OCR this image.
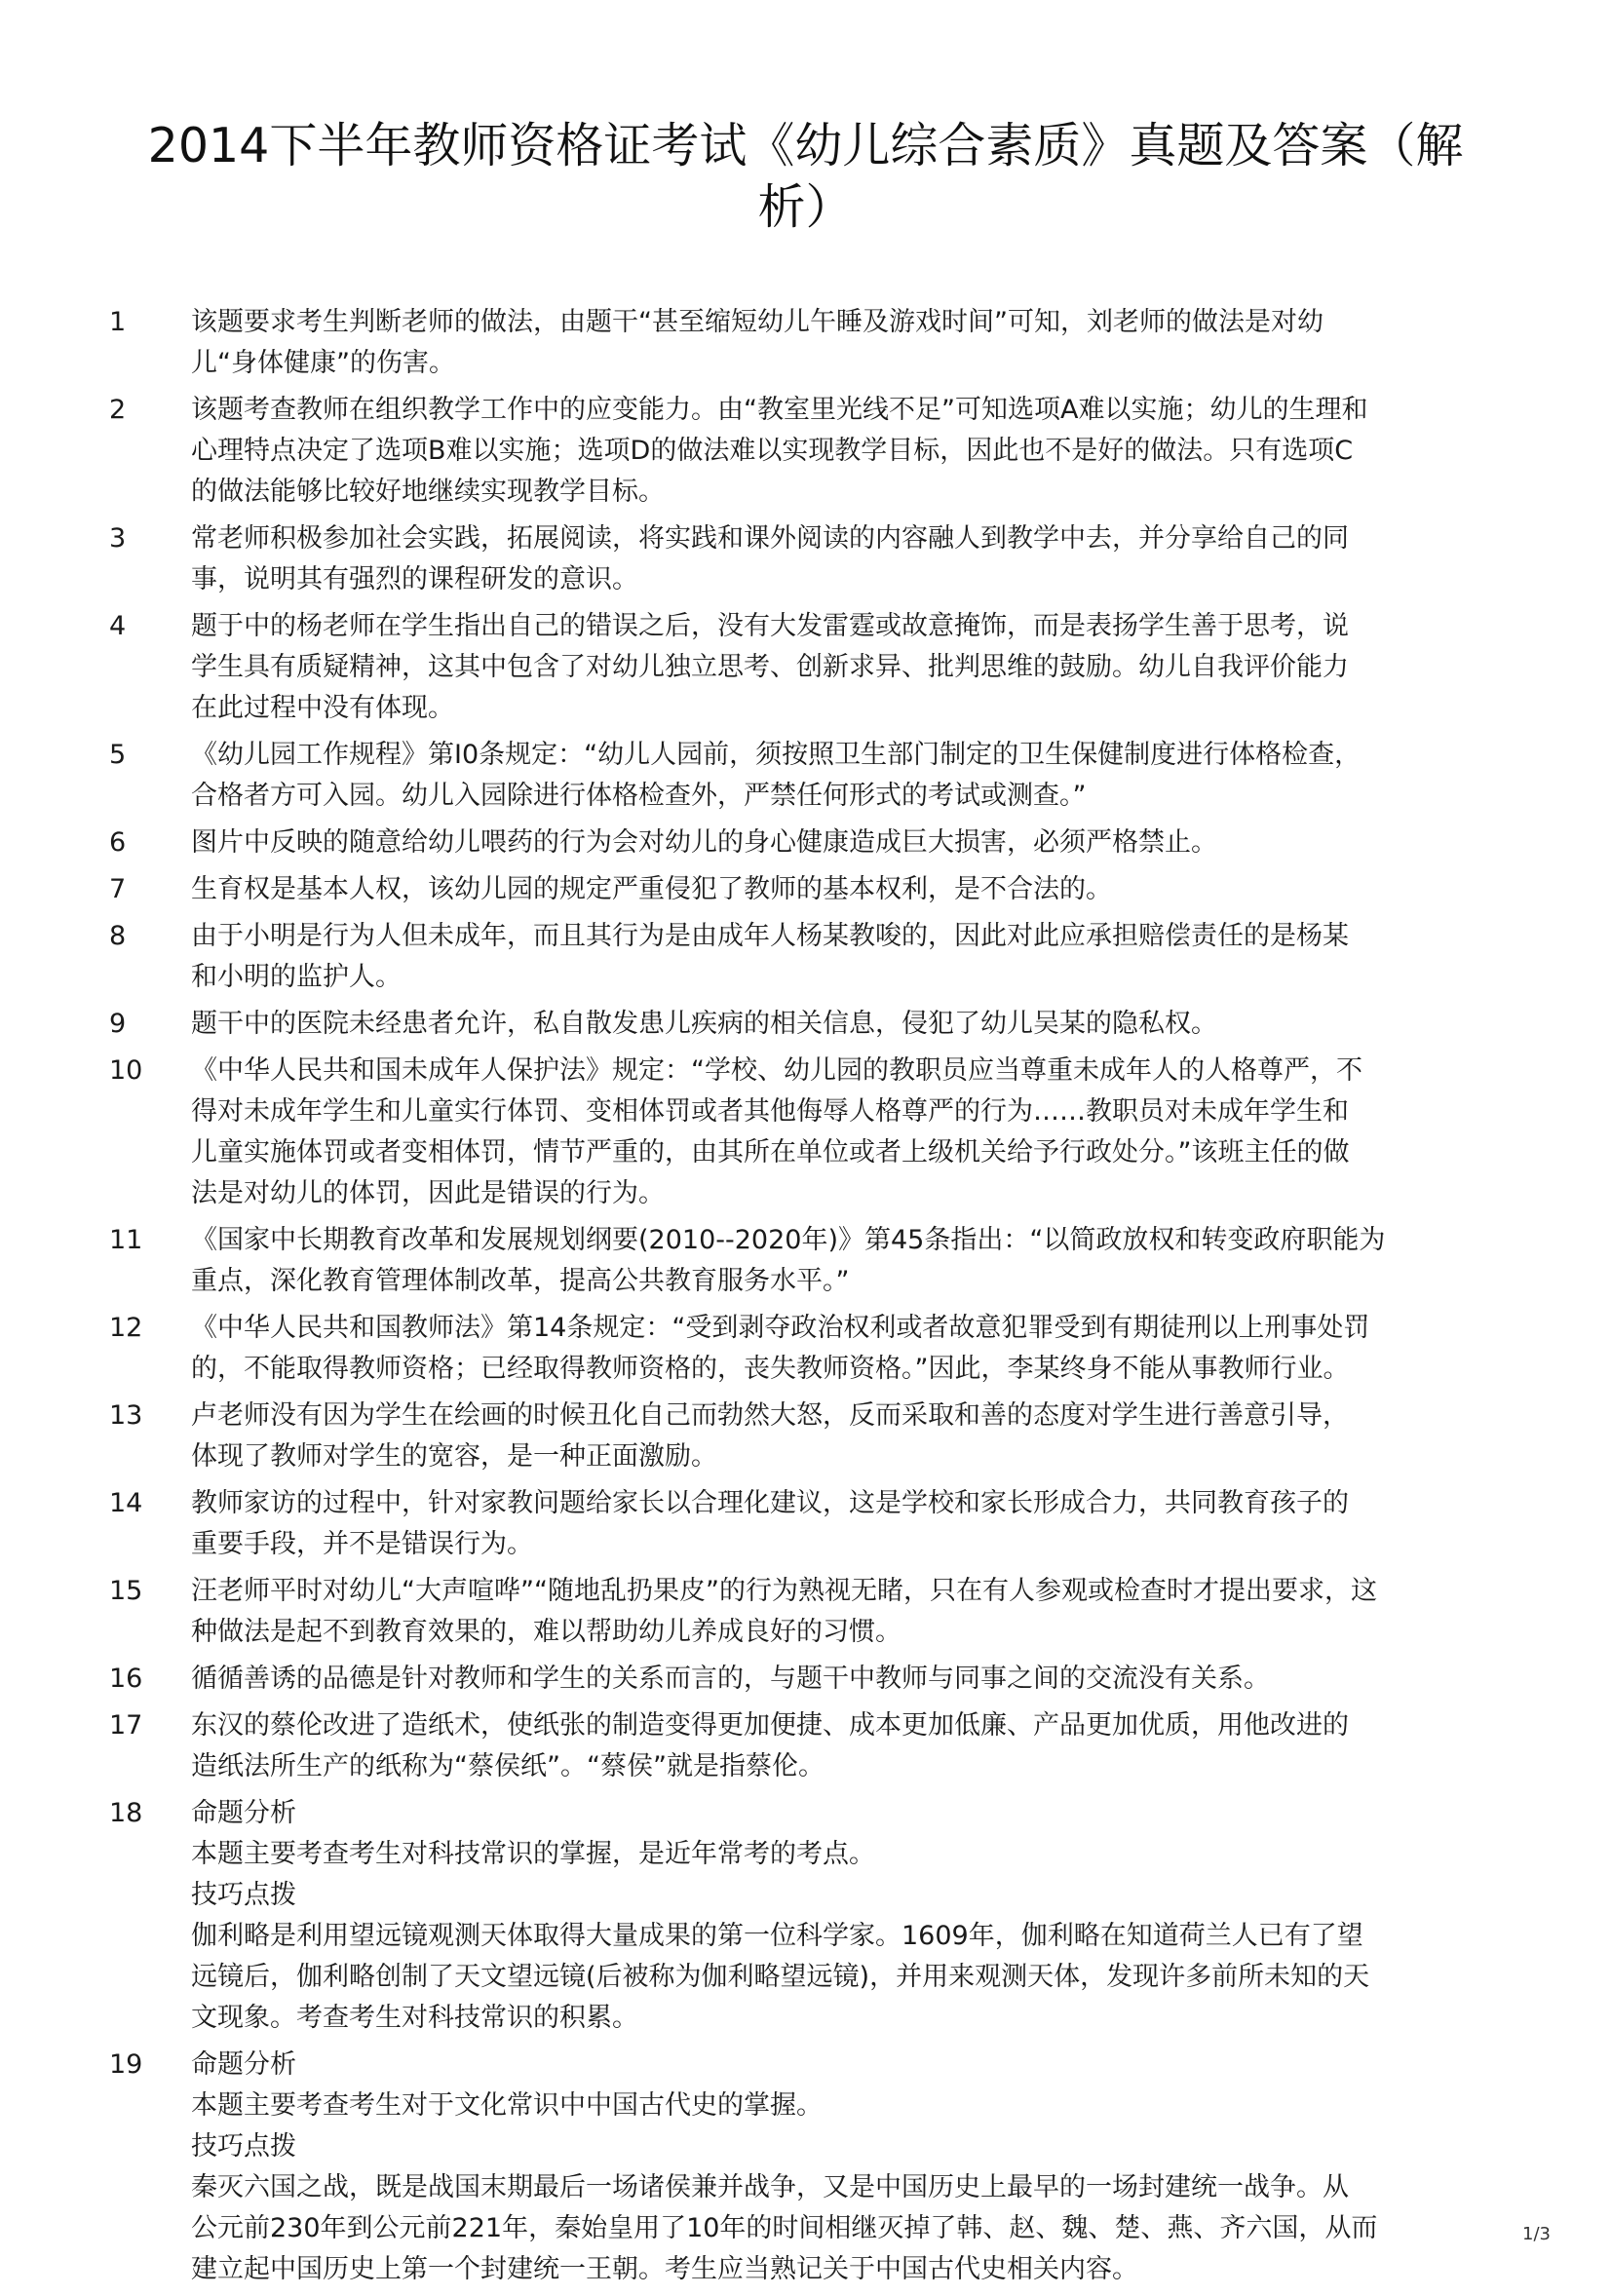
2014下半年教师资格证考试《幼儿综合素质》真题及答案（解
析）
1 该题要求考生判断老师的做法，由题干“甚至缩短幼儿午睡及游戏时间”可知，刘老师的做法是对幼
儿“身体健康”的伤害。
2 该题考查教师在组织教学工作中的应变能力。由“教室里光线不足”可知选项A难以实施；幼儿的生理和
心理特点决定了选项B难以实施；选项D的做法难以实现教学目标，因此也不是好的做法。只有选项C
的做法能够比较好地继续实现教学目标。
3 常老师积极参加社会实践，拓展阅读，将实践和课外阅读的内容融人到教学中去，并分享给自己的同
事，说明其有强烈的课程研发的意识。
4 题于中的杨老师在学生指出自己的错误之后，没有大发雷霆或故意掩饰，而是表扬学生善于思考，说
学生具有质疑精神，这其中包含了对幼儿独立思考、创新求异、批判思维的鼓励。幼儿自我评价能力
在此过程中没有体现。
5 《幼儿园工作规程》第I0条规定：“幼儿人园前，须按照卫生部门制定的卫生保健制度进行体格检查，
合格者方可入园。幼儿入园除进行体格检查外，严禁任何形式的考试或测查。”
6 图片中反映的随意给幼儿喂药的行为会对幼儿的身心健康造成巨大损害，必须严格禁止。
7 生育权是基本人权，该幼儿园的规定严重侵犯了教师的基本权利，是不合法的。
8 由于小明是行为人但未成年，而且其行为是由成年人杨某教唆的，因此对此应承担赔偿责任的是杨某
和小明的监护人。
9 题干中的医院未经患者允许，私自散发患儿疾病的相关信息，侵犯了幼儿吴某的隐私权。
10 《中华人民共和国未成年人保护法》规定：“学校、幼儿园的教职员应当尊重未成年人的人格尊严，不
得对未成年学生和儿童实行体罚、变相体罚或者其他侮辱人格尊严的行为……教职员对未成年学生和
儿童实施体罚或者变相体罚，情节严重的，由其所在单位或者上级机关给予行政处分。”该班主任的做
法是对幼儿的体罚，因此是错误的行为。
11 《国家中长期教育改革和发展规划纲要(2010--2020年)》第45条指出：“以简政放权和转变政府职能为
重点，深化教育管理体制改革，提高公共教育服务水平。”
12 《中华人民共和国教师法》第14条规定：“受到剥夺政治权利或者故意犯罪受到有期徒刑以上刑事处罚
的，不能取得教师资格；已经取得教师资格的，丧失教师资格。”因此，李某终身不能从事教师行业。
13 卢老师没有因为学生在绘画的时候丑化自己而勃然大怒，反而采取和善的态度对学生进行善意引导，
体现了教师对学生的宽容，是一种正面激励。
14 教师家访的过程中，针对家教问题给家长以合理化建议，这是学校和家长形成合力，共同教育孩子的
重要手段，并不是错误行为。
15 汪老师平时对幼儿“大声喧哗”“随地乱扔果皮”的行为熟视无睹，只在有人参观或检查时才提出要求，这
种做法是起不到教育效果的，难以帮助幼儿养成良好的习惯。
16 循循善诱的品德是针对教师和学生的关系而言的，与题干中教师与同事之间的交流没有关系。
17 东汉的蔡伦改进了造纸术，使纸张的制造变得更加便捷、成本更加低廉、产品更加优质，用他改进的
造纸法所生产的纸称为“蔡侯纸”。“蔡侯”就是指蔡伦。
18 命题分析
本题主要考查考生对科技常识的掌握，是近年常考的考点。
技巧点拨
伽利略是利用望远镜观测天体取得大量成果的第一位科学家。1609年，伽利略在知道荷兰人已有了望
远镜后，伽利略创制了天文望远镜(后被称为伽利略望远镜)，并用来观测天体，发现许多前所未知的天
文现象。考查考生对科技常识的积累。
19 命题分析
本题主要考查考生对于文化常识中中国古代史的掌握。
技巧点拨
秦灭六国之战，既是战国末期最后一场诸侯兼并战争，又是中国历史上最早的一场封建统一战争。从
公元前230年到公元前221年，秦始皇用了10年的时间相继灭掉了韩、赵、魏、楚、燕、齐六国，从而
建立起中国历史上第一个封建统一王朝。考生应当熟记关于中国古代史相关内容。
1/3
